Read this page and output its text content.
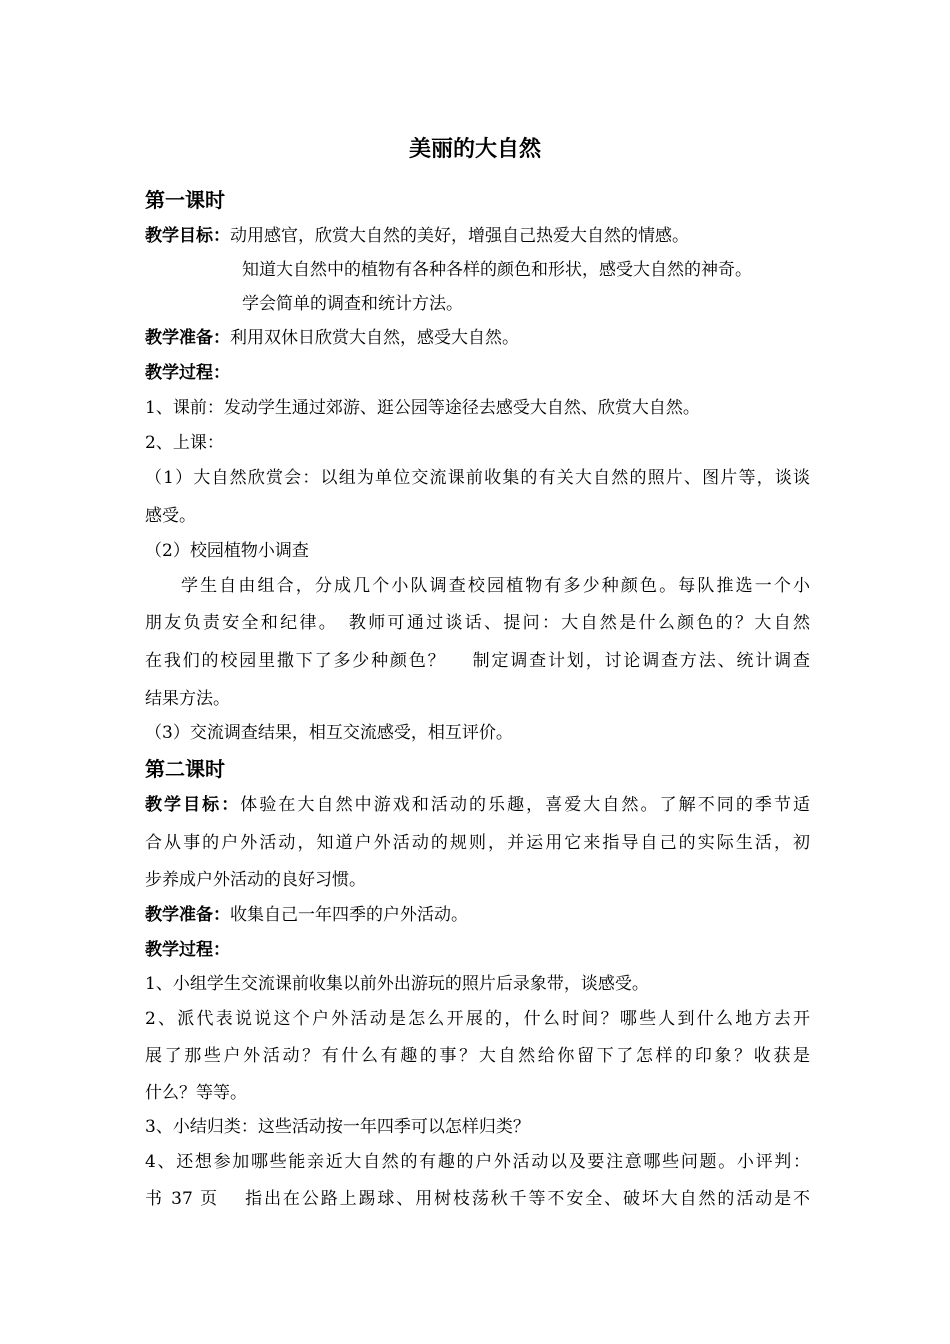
美丽的大自然
第一课时
教学目标：动用感官，欣赏大自然的美好，增强自己热爱大自然的情感。
知道大自然中的植物有各种各样的颜色和形状，感受大自然的神奇。
学会简单的调查和统计方法。
教学准备：利用双休日欣赏大自然，感受大自然。
教学过程：
1、课前：发动学生通过郊游、逛公园等途径去感受大自然、欣赏大自然。
2、上课：
（1）大自然欣赏会：以组为单位交流课前收集的有关大自然的照片、图片等，谈谈
感受。
（2）校园植物小调查
学生自由组合，分成几个小队调查校园植物有多少种颜色。每队推选一个小
朋友负责安全和纪律。　教师可通过谈话、提问：大自然是什么颜色的？大自然
在我们的校园里撒下了多少种颜色？　 制定调查计划，讨论调查方法、统计调查
结果方法。
（3）交流调查结果，相互交流感受，相互评价。
第二课时
教学目标：体验在大自然中游戏和活动的乐趣，喜爱大自然。了解不同的季节适
合从事的户外活动，知道户外活动的规则，并运用它来指导自己的实际生活，初
步养成户外活动的良好习惯。
教学准备：收集自己一年四季的户外活动。
教学过程：
1、小组学生交流课前收集以前外出游玩的照片后录象带，谈感受。
2、派代表说说这个户外活动是怎么开展的，什么时间？哪些人到什么地方去开
展了那些户外活动？有什么有趣的事？大自然给你留下了怎样的印象？收获是
什么？等等。
3、小结归类：这些活动按一年四季可以怎样归类？
4、还想参加哪些能亲近大自然的有趣的户外活动以及要注意哪些问题。小评判：
书 37 页　 指出在公路上踢球、用树枝荡秋千等不安全、破坏大自然的活动是不
